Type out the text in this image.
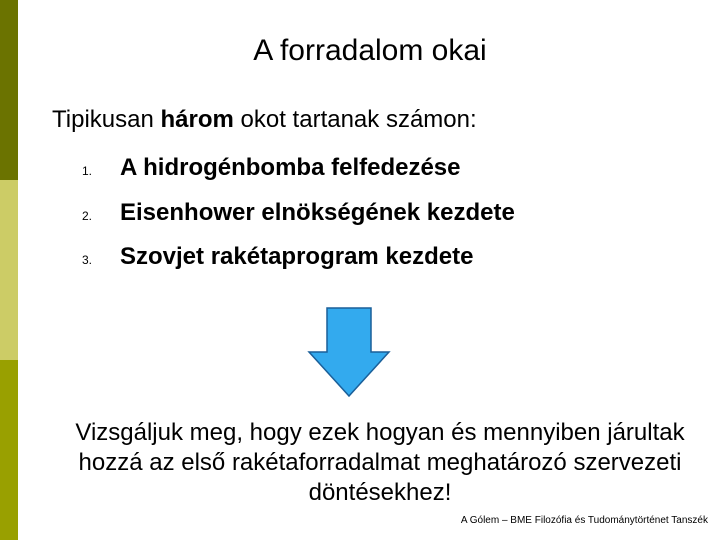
A forradalom okai
Tipikusan három okot tartanak számon:
1. A hidrogénbomba felfedezése
2. Eisenhower elnökségének kezdete
3. Szovjet rakétaprogram kezdete
Vizsgáljuk meg, hogy ezek hogyan és mennyiben járultak
hozzá az első rakétaforradalmat meghatározó szervezeti
döntésekhez!
A Gólem – BME Filozófia és Tudománytörténet Tanszék
